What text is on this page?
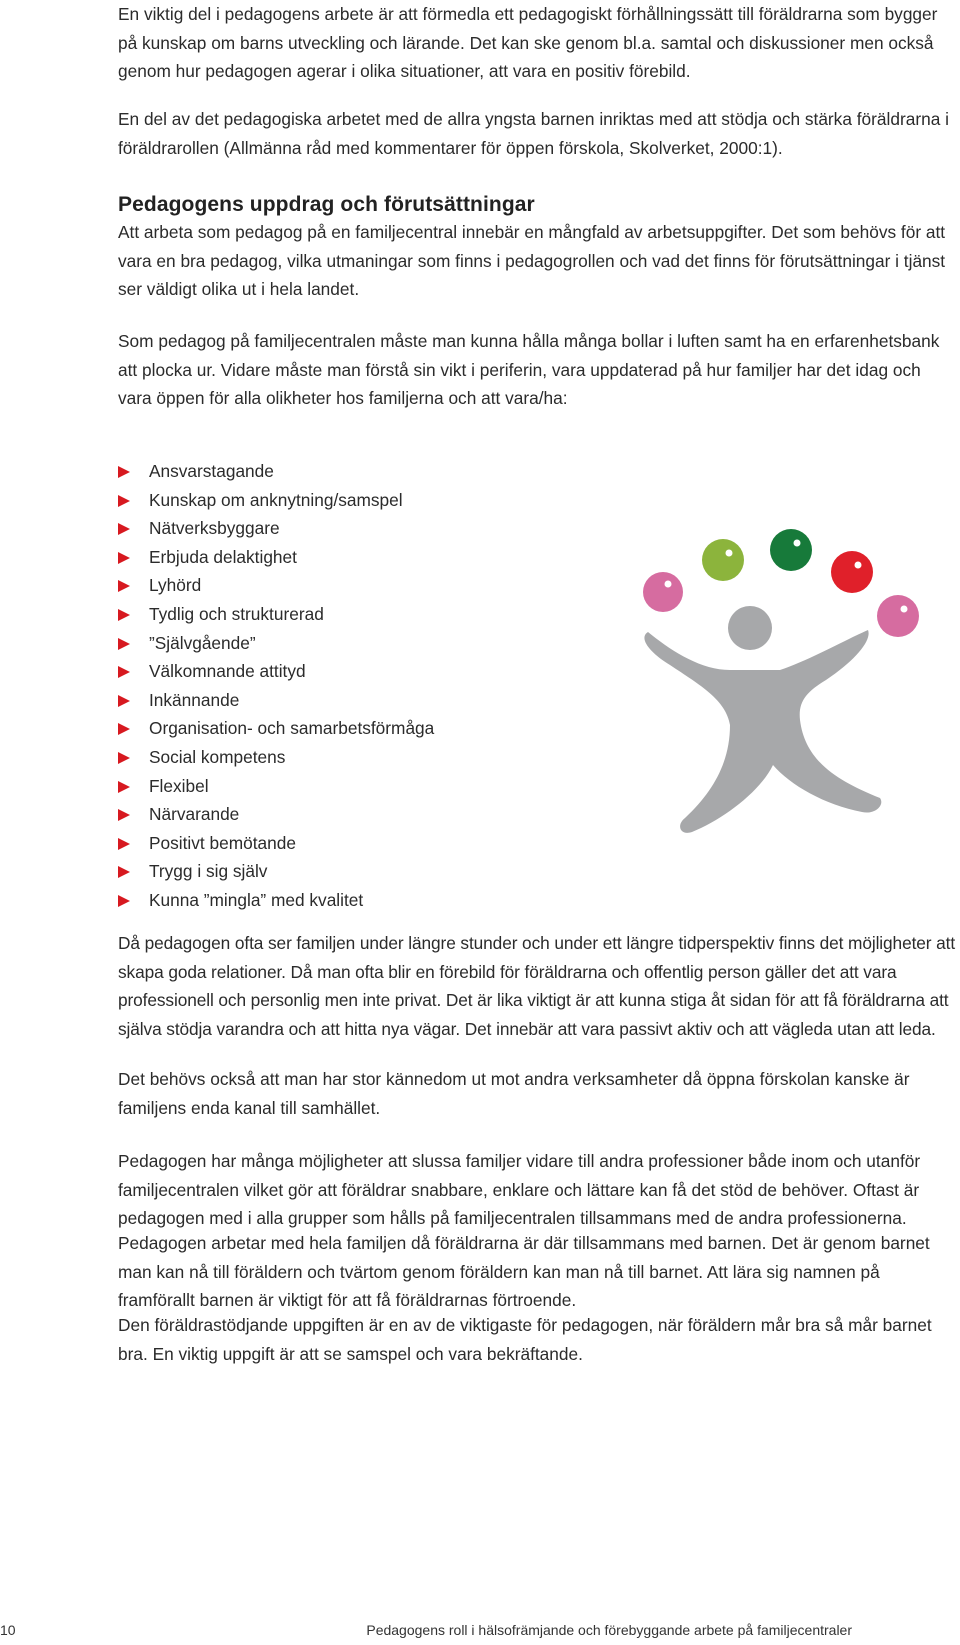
En viktig del i pedagogens arbete är att förmedla ett pedagogiskt förhållningssätt till föräldrarna som bygger på kunskap om barns utveckling och lärande. Det kan ske genom bl.a. samtal och diskussioner men också genom hur pedagogen agerar i olika situationer, att vara en positiv förebild.

En del av det pedagogiska arbetet med de allra yngsta barnen inriktas med att stödja och stärka föräldrarna i föräldrarollen (Allmänna råd med kommentarer för öppen förskola, Skolverket, 2000:1).

Pedagogens uppdrag och förutsättningar

Att arbeta som pedagog på en familjecentral innebär en mångfald av arbetsuppgifter. Det som behövs för att vara en bra pedagog, vilka utmaningar som finns i pedagogrollen och vad det finns för förutsättningar i tjänst ser väldigt olika ut i hela landet.

Som pedagog på familjecentralen måste man kunna hålla många bollar i luften samt ha en erfarenhetsbank att plocka ur. Vidare måste man förstå sin vikt i periferin, vara uppdaterad på hur familjer har det idag och vara öppen för alla olikheter hos familjerna och att vara/ha:

Ansvarstagande
Kunskap om anknytning/samspel
Nätverksbyggare
Erbjuda delaktighet
Lyhörd
Tydlig och strukturerad
”Självgående”
Välkomnande attityd
Inkännande
Organisation- och samarbetsförmåga
Social kompetens
Flexibel
Närvarande
Positivt bemötande
Trygg i sig själv
Kunna ”mingla” med kvalitet

Då pedagogen ofta ser familjen under längre stunder och under ett längre tidperspektiv finns det möjligheter att skapa goda relationer. Då man ofta blir en förebild för föräldrarna och offentlig person gäller det att vara professionell och personlig men inte privat. Det är lika viktigt är att kunna stiga åt sidan för att få föräldrarna att själva stödja varandra och att hitta nya vägar. Det innebär att vara passivt aktiv och att vägleda utan att leda.

Det behövs också att man har stor kännedom ut mot andra verksamheter då öppna förskolan kanske är familjens enda kanal till samhället.

Pedagogen har många möjligheter att slussa familjer vidare till andra professioner både inom och utanför familjecentralen vilket gör att föräldrar snabbare, enklare och lättare kan få det stöd de behöver. Oftast är pedagogen med i alla grupper som hålls på familjecentralen tillsammans med de andra professionerna.

Pedagogen arbetar med hela familjen då föräldrarna är där tillsammans med barnen. Det är genom barnet man kan nå till föräldern och tvärtom genom föräldern kan man nå till barnet. Att lära sig namnen på framförallt barnen är viktigt för att få föräldrarnas förtroende.

Den föräldrastödjande uppgiften är en av de viktigaste för pedagogen, när föräldern mår bra så mår barnet bra. En viktig uppgift är att se samspel och vara bekräftande.

10	Pedagogens roll i hälsofrämjande och förebyggande arbete på familjecentraler
